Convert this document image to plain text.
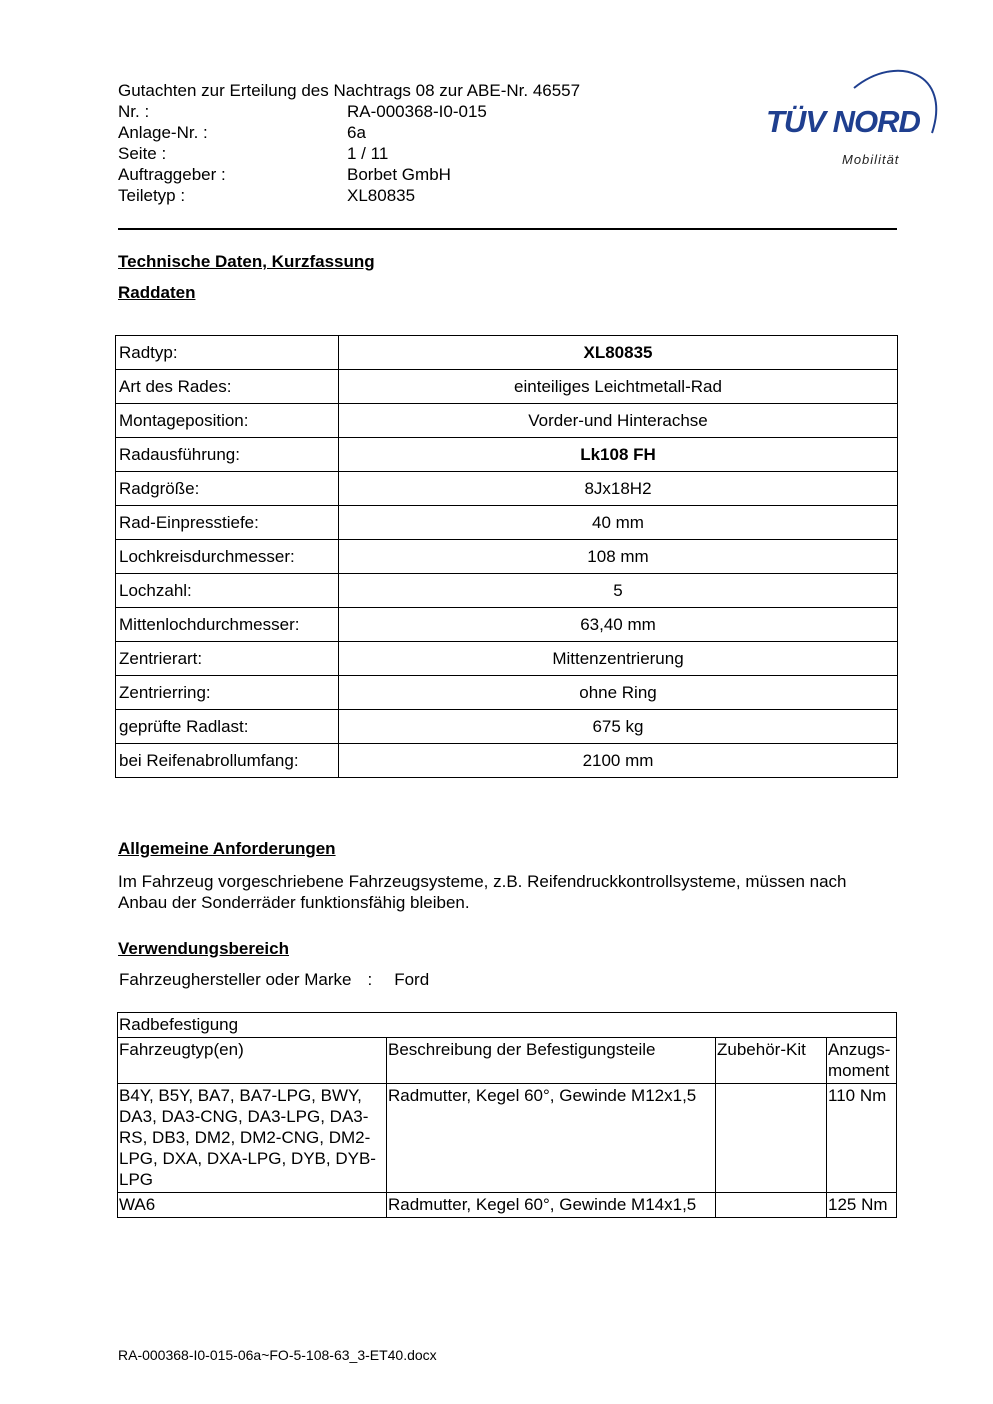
Gutachten zur Erteilung des Nachtrags 08 zur ABE-Nr. 46557
Nr. :	RA-000368-I0-015
Anlage-Nr. :	6a
Seite :	1 / 11
Auftraggeber :	Borbet GmbH
Teiletyp :	XL80835
TÜV NORD
Mobilität
Technische Daten, Kurzfassung
Raddaten
Radtyp:	XL80835
Art des Rades:	einteiliges Leichtmetall-Rad
Montageposition:	Vorder-und Hinterachse
Radausführung:	Lk108 FH
Radgröße:	8Jx18H2
Rad-Einpresstiefe:	40 mm
Lochkreisdurchmesser:	108 mm
Lochzahl:	5
Mittenlochdurchmesser:	63,40 mm
Zentrierart:	Mittenzentrierung
Zentrierring:	ohne Ring
geprüfte Radlast:	675 kg
bei Reifenabrollumfang:	2100 mm
Allgemeine Anforderungen
Im Fahrzeug vorgeschriebene Fahrzeugsysteme, z.B. Reifendruckkontrollsysteme, müssen nach Anbau der Sonderräder funktionsfähig bleiben.
Verwendungsbereich
Fahrzeughersteller oder Marke : Ford
Radbefestigung			
Fahrzeugtyp(en)	Beschreibung der Befestigungsteile	Zubehör-Kit	Anzugs-moment
B4Y, B5Y, BA7, BA7-LPG, BWY, DA3, DA3-CNG, DA3-LPG, DA3-RS, DB3, DM2, DM2-CNG, DM2-LPG, DXA, DXA-LPG, DYB, DYB-LPG	Radmutter, Kegel 60°, Gewinde M12x1,5		110 Nm
WA6	Radmutter, Kegel 60°, Gewinde M14x1,5		125 Nm
RA-000368-I0-015-06a~FO-5-108-63_3-ET40.docx
